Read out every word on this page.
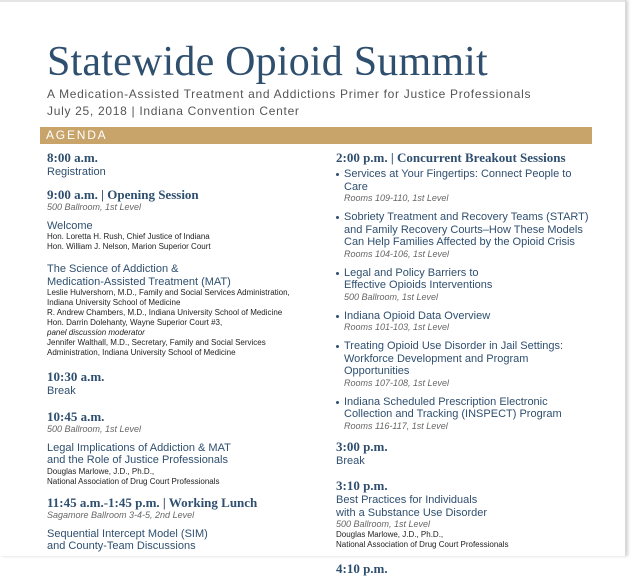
Statewide Opioid Summit
A Medication-Assisted Treatment and Addictions Primer for Justice Professionals
July 25, 2018 | Indiana Convention Center
AGENDA
8:00 a.m.
Registration
9:00 a.m. | Opening Session
500 Ballroom, 1st Level
Welcome
Hon. Loretta H. Rush, Chief Justice of Indiana
Hon. William J. Nelson, Marion Superior Court
The Science of Addiction &
Medication-Assisted Treatment (MAT)
Leslie Hulvershorn, M.D., Family and Social Services Administration,
Indiana University School of Medicine
R. Andrew Chambers, M.D., Indiana University School of Medicine
Hon. Darrin Dolehanty, Wayne Superior Court #3,
panel discussion moderator
Jennifer Walthall, M.D., Secretary, Family and Social Services
Administration, Indiana University School of Medicine
10:30 a.m.
Break
10:45 a.m.
500 Ballroom, 1st Level
Legal Implications of Addiction & MAT
and the Role of Justice Professionals
Douglas Marlowe, J.D., Ph.D.,
National Association of Drug Court Professionals
11:45 a.m.-1:45 p.m. | Working Lunch
Sagamore Ballroom 3-4-5, 2nd Level
Sequential Intercept Model (SIM)
and County-Team Discussions
2:00 p.m. | Concurrent Breakout Sessions
Services at Your Fingertips: Connect People to Care
Rooms 109-110, 1st Level
Sobriety Treatment and Recovery Teams (START)
and Family Recovery Courts–How These Models
Can Help Families Affected by the Opioid Crisis
Rooms 104-106, 1st Level
Legal and Policy Barriers to
Effective Opioids Interventions
500 Ballroom, 1st Level
Indiana Opioid Data Overview
Rooms 101-103, 1st Level
Treating Opioid Use Disorder in Jail Settings:
Workforce Development and Program Opportunities
Rooms 107-108, 1st Level
Indiana Scheduled Prescription Electronic
Collection and Tracking (INSPECT) Program
Rooms 116-117, 1st Level
3:00 p.m.
Break
3:10 p.m.
Best Practices for Individuals
with a Substance Use Disorder
500 Ballroom, 1st Level
Douglas Marlowe, J.D., Ph.D.,
National Association of Drug Court Professionals
4:10 p.m.
